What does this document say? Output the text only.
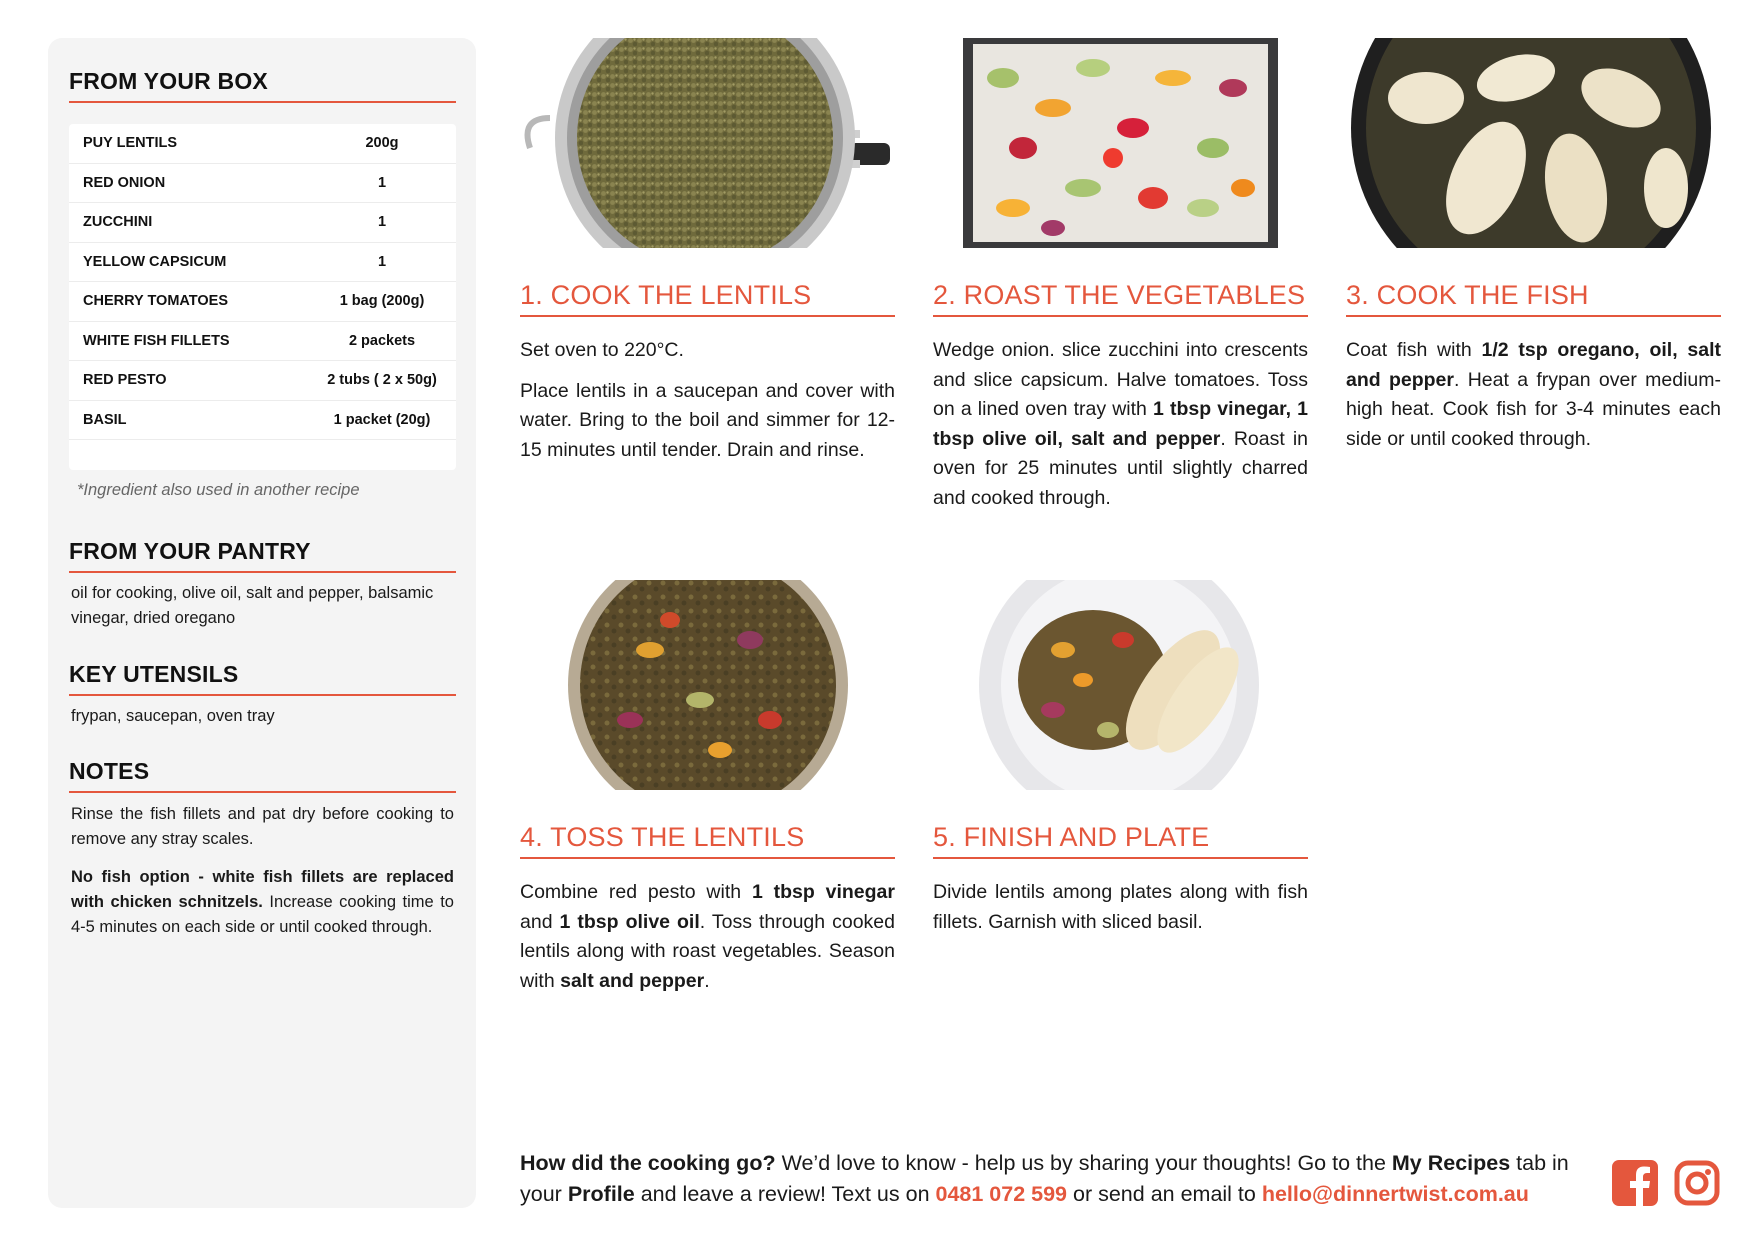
FROM YOUR BOX
PUY LENTILS	200g
RED ONION	1
ZUCCHINI	1
YELLOW CAPSICUM	1
CHERRY TOMATOES	1 bag (200g)
WHITE FISH FILLETS	2 packets
RED PESTO	2 tubs ( 2 x 50g)
BASIL	1 packet (20g)
*Ingredient also used in another recipe
FROM YOUR PANTRY

oil for cooking, olive oil, salt and pepper, balsamic vinegar, dried oregano

KEY UTENSILS

frypan, saucepan, oven tray

NOTES

Rinse the fish fillets and pat dry before cooking to remove any stray scales.

No fish option - white fish fillets are replaced with chicken schnitzels. Increase cooking time to 4-5 minutes on each side or until cooked through.

1. COOK THE LENTILS

Set oven to 220°C.

Place lentils in a saucepan and cover with water. Bring to the boil and simmer for 12-15 minutes until tender. Drain and rinse.

2. ROAST THE VEGETABLES

Wedge onion. slice zucchini into crescents and slice capsicum. Halve tomatoes. Toss on a lined oven tray with 1 tbsp vinegar, 1 tbsp olive oil, salt and pepper. Roast in oven for 25 minutes until slightly charred and cooked through.

3. COOK THE FISH

Coat fish with 1/2 tsp oregano, oil, salt and pepper. Heat a frypan over medium-high heat. Cook fish for 3-4 minutes each side or until cooked through.

4. TOSS THE LENTILS

Combine red pesto with 1 tbsp vinegar and 1 tbsp olive oil. Toss through cooked lentils along with roast vegetables. Season with salt and pepper.

5. FINISH AND PLATE

Divide lentils among plates along with fish fillets. Garnish with sliced basil.

How did the cooking go? We’d love to know - help us by sharing your thoughts! Go to the My Recipes tab in your Profile and leave a review! Text us on 0481 072 599 or send an email to hello@dinnertwist.com.au
